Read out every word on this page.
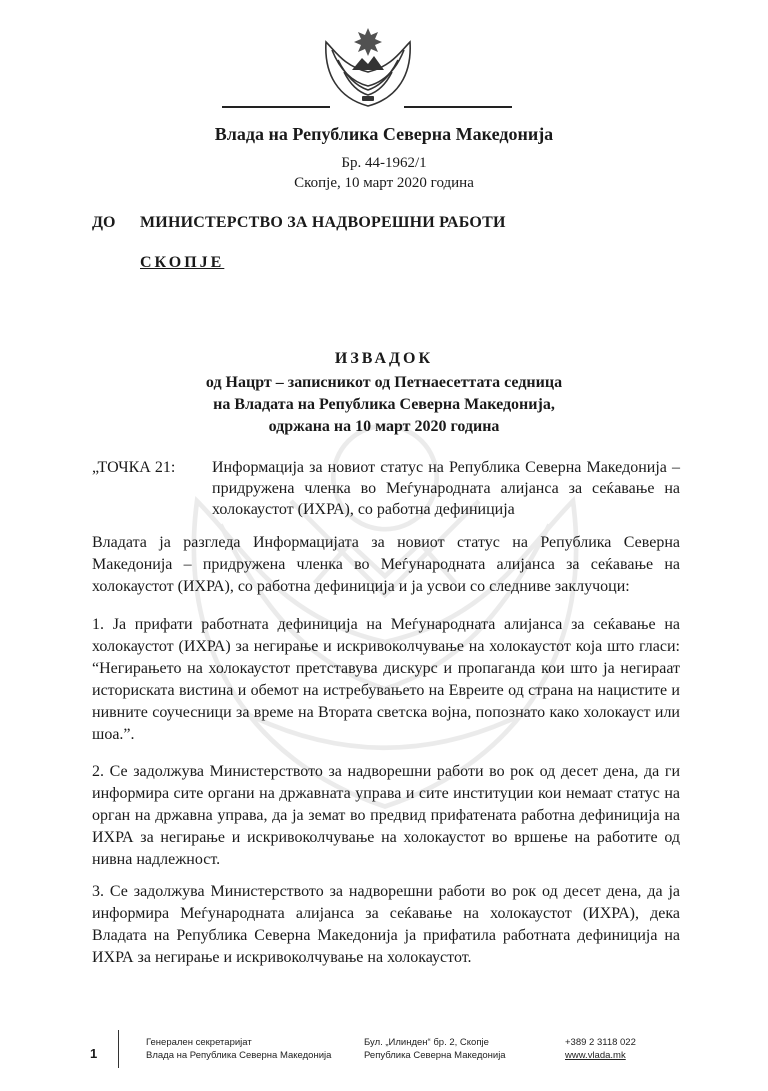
Влада на Република Северна Македонија
Бр. 44-1962/1
Скопје, 10 март 2020 година
ДО МИНИСТЕРСТВО ЗА НАДВОРЕШНИ РАБОТИ
СКОПЈЕ
ИЗВАДОК
од Нацрт – записникот од Петнаесеттата седница
на Владата на Република Северна Македонија,
одржана на 10 март 2020 година
„ТОЧКА 21: Информација за новиот статус на Република Северна Македонија – придружена членка во Меѓународната алијанса за сеќавање на холокаустот (ИХРА), со работна дефиниција
Владата ја разгледа Информацијата за новиот статус на Република Северна Македонија – придружена членка во Меѓународната алијанса за сеќавање на холокаустот (ИХРА), со работна дефиниција и ја усвои со следниве заклучоци:
1. Ја прифати работната дефиниција на Меѓународната алијанса за сеќавање на холокаустот (ИХРА) за негирање и искривоколчување на холокаустот која што гласи: “Негирањето на холокаустот претставува дискурс и пропаганда кои што ја негираат историската вистина и обемот на истребувањето на Евреите од страна на нацистите и нивните соучесници за време на Втората светска војна, попознато како холокауст или шоа.”.
2. Се задолжува Министерството за надворешни работи во рок од десет дена, да ги информира сите органи на државната управа и сите институции кои немаат статус на орган на државна управа, да ја земат во предвид прифатената работна дефиниција на ИХРА за негирање и искривоколчување на холокаустот во вршење на работите од нивна надлежност.
3. Се задолжува Министерството за надворешни работи во рок од десет дена, да ја информира Меѓународната алијанса за сеќавање на холокаустот (ИХРА), дека Владата на Република Северна Македонија ја прифатила работната дефиниција на ИХРА за негирање и искривоколчување на холокаустот.
1
Генерален секретаријат
Влада на Република Северна Македонија
Бул. „Илинден“ бр. 2, Скопје
Република Северна Македонија
+389 2 3118 022
www.vlada.mk
